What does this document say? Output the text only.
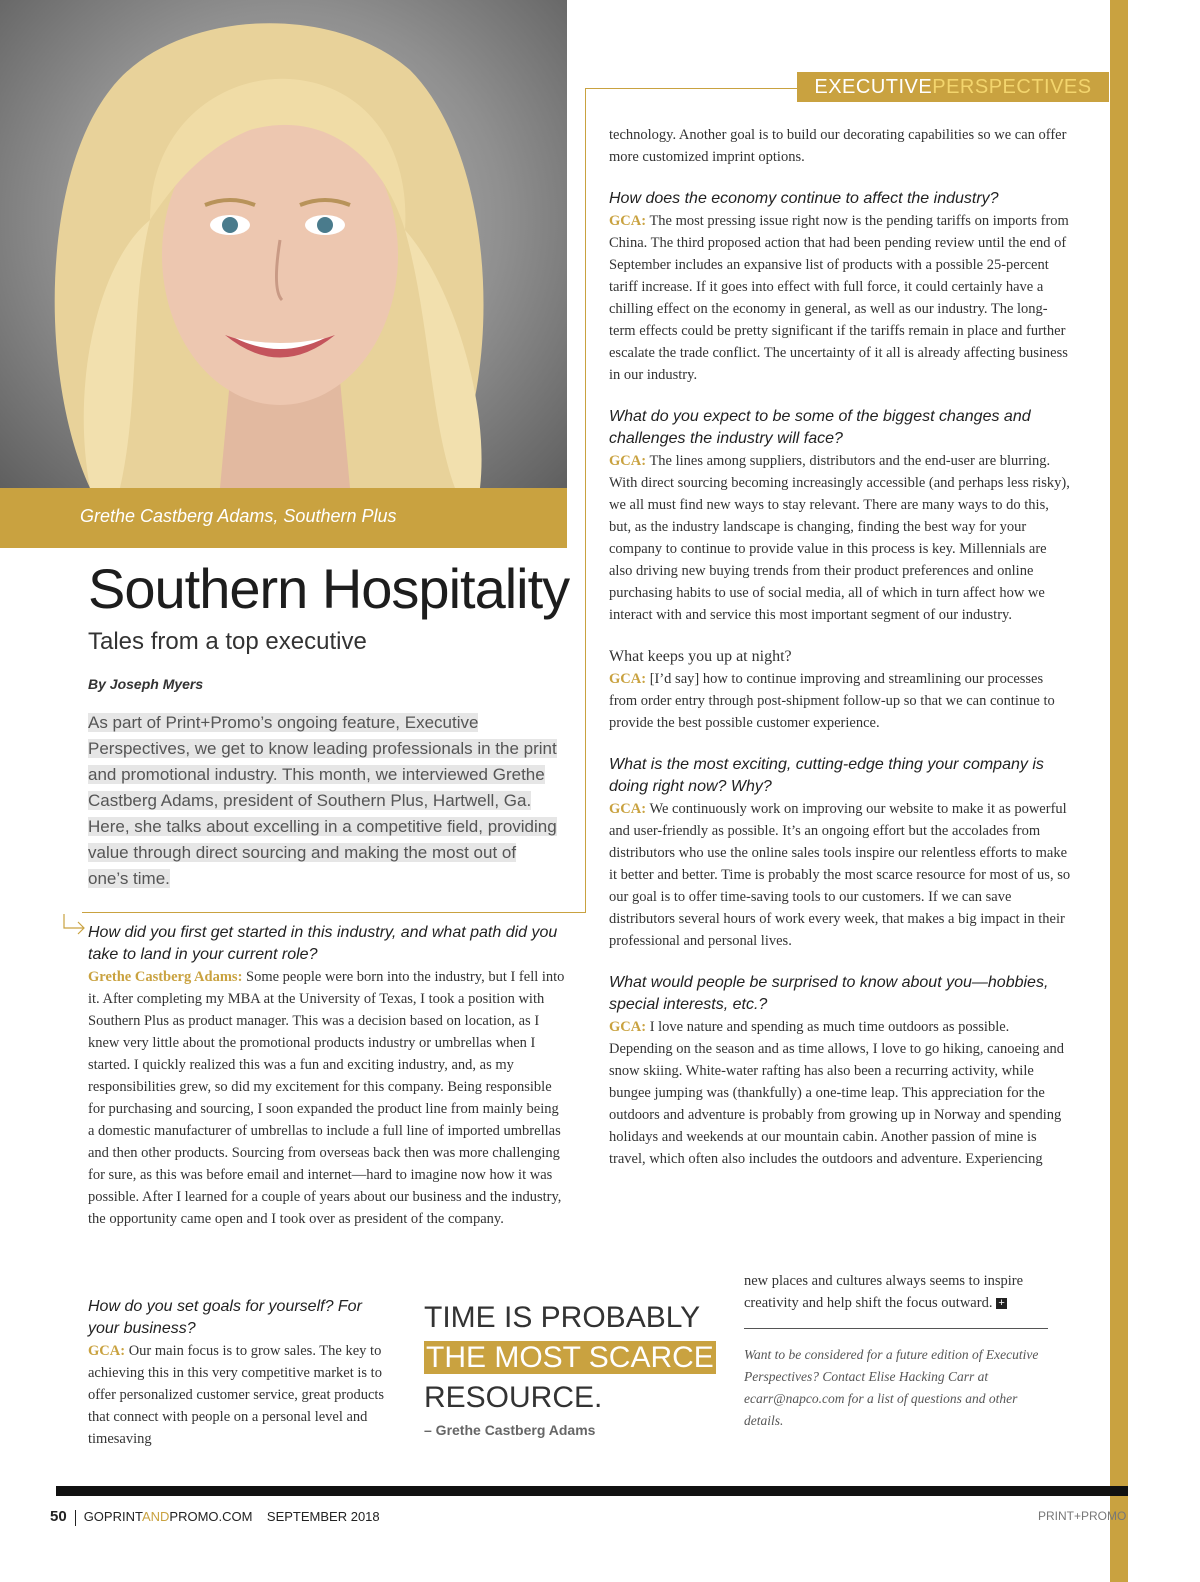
Grethe Castberg Adams, Southern Plus
EXECUTIVEPERSPECTIVES
Southern Hospitality
Tales from a top executive
By Joseph Myers
As part of Print+Promo’s ongoing feature, Executive Perspectives, we get to know leading professionals in the print and promotional industry. This month, we interviewed Grethe Castberg Adams, president of Southern Plus, Hartwell, Ga. Here, she talks about excelling in a competitive field, providing value through direct sourcing and making the most out of one’s time.

How did you first get started in this industry, and what path did you take to land in your current role?

Grethe Castberg Adams: Some people were born into the industry, but I fell into it. After completing my MBA at the University of Texas, I took a position with Southern Plus as product manager. This was a decision based on location, as I knew very little about the promotional products industry or umbrellas when I started. I quickly realized this was a fun and exciting industry, and, as my responsibilities grew, so did my excitement for this company. Being responsible for purchasing and sourcing, I soon expanded the product line from mainly being a domestic manufacturer of umbrellas to include a full line of imported umbrellas and then other products. Sourcing from overseas back then was more challenging for sure, as this was before email and internet—hard to imagine now how it was possible. After I learned for a couple of years about our business and the industry, the opportunity came open and I took over as president of the company.

How do you set goals for yourself? For your business?

GCA: Our main focus is to grow sales. The key to achieving this in this very competitive market is to offer personalized customer service, great products that connect with people on a personal level and timesaving

technology. Another goal is to build our decorating capabilities so we can offer more customized imprint options.

How does the economy continue to affect the industry?

GCA: The most pressing issue right now is the pending tariffs on imports from China. The third proposed action that had been pending review until the end of September includes an expansive list of products with a possible 25-percent tariff increase. If it goes into effect with full force, it could certainly have a chilling effect on the economy in general, as well as our industry. The long-term effects could be pretty significant if the tariffs remain in place and further escalate the trade conflict. The uncertainty of it all is already affecting business in our industry.

What do you expect to be some of the biggest changes and challenges the industry will face?

GCA: The lines among suppliers, distributors and the end-user are blurring. With direct sourcing becoming increasingly accessible (and perhaps less risky), we all must find new ways to stay relevant. There are many ways to do this, but, as the industry landscape is changing, finding the best way for your company to continue to provide value in this process is key. Millennials are also driving new buying trends from their product preferences and online purchasing habits to use of social media, all of which in turn affect how we interact with and service this most important segment of our industry.

What keeps you up at night?

GCA: [I’d say] how to continue improving and streamlining our processes from order entry through post-shipment follow-up so that we can continue to provide the best possible customer experience.

What is the most exciting, cutting-edge thing your company is doing right now? Why?

GCA: We continuously work on improving our website to make it as powerful and user-friendly as possible. It’s an ongoing effort but the accolades from distributors who use the online sales tools inspire our relentless efforts to make it better and better. Time is probably the most scarce resource for most of us, so our goal is to offer time-saving tools to our customers. If we can save distributors several hours of work every week, that makes a big impact in their professional and personal lives.

What would people be surprised to know about you—hobbies, special interests, etc.?

GCA: I love nature and spending as much time outdoors as possible. Depending on the season and as time allows, I love to go hiking, canoeing and snow skiing. White-water rafting has also been a recurring activity, while bungee jumping was (thankfully) a one-time leap. This appreciation for the outdoors and adventure is probably from growing up in Norway and spending holidays and weekends at our mountain cabin. Another passion of mine is travel, which often also includes the outdoors and adventure. Experiencing

new places and cultures always seems to inspire creativity and help shift the focus outward. +

TIME IS PROBABLY
THE MOST SCARCE
RESOURCE.
– Grethe Castberg Adams
Want to be considered for a future edition of Executive Perspectives? Contact Elise Hacking Carr at ecarr@napco.com for a list of questions and other details.
50 GOPRINTANDPROMO.COM SEPTEMBER 2018	PRINT+PROMO
